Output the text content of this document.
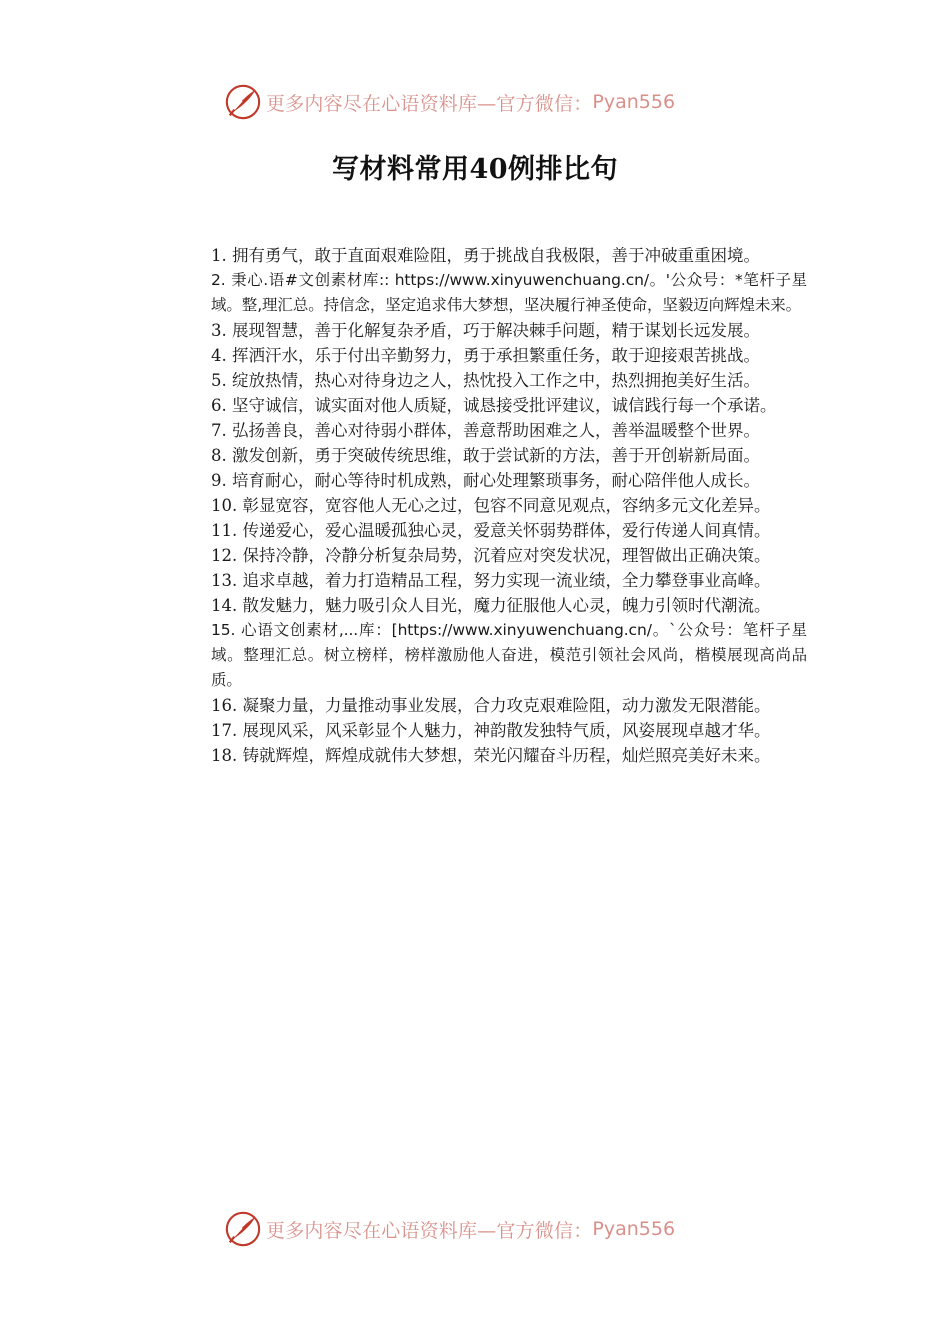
更多内容尽在心语资料库—官方微信： Pyan556
写材料常用40例排比句
1. 拥有勇气，敢于直面艰难险阻，勇于挑战自我极限，善于冲破重重困境。
2. 秉心.语#文创素材库:: https://www.xinyuwenchuang.cn/。'公众号：*笔杆子星域。整,理汇总。持信念，坚定追求伟大梦想，坚决履行神圣使命，坚毅迈向辉煌未来。
3. 展现智慧，善于化解复杂矛盾，巧于解决棘手问题，精于谋划长远发展。
4. 挥洒汗水，乐于付出辛勤努力，勇于承担繁重任务，敢于迎接艰苦挑战。
5. 绽放热情，热心对待身边之人，热忱投入工作之中，热烈拥抱美好生活。
6. 坚守诚信，诚实面对他人质疑，诚恳接受批评建议，诚信践行每一个承诺。
7. 弘扬善良，善心对待弱小群体，善意帮助困难之人，善举温暖整个世界。
8. 激发创新，勇于突破传统思维，敢于尝试新的方法，善于开创崭新局面。
9. 培育耐心，耐心等待时机成熟，耐心处理繁琐事务，耐心陪伴他人成长。
10. 彰显宽容，宽容他人无心之过，包容不同意见观点，容纳多元文化差异。
11. 传递爱心，爱心温暖孤独心灵，爱意关怀弱势群体，爱行传递人间真情。
12. 保持冷静，冷静分析复杂局势，沉着应对突发状况，理智做出正确决策。
13. 追求卓越，着力打造精品工程，努力实现一流业绩，全力攀登事业高峰。
14. 散发魅力，魅力吸引众人目光，魔力征服他人心灵，魄力引领时代潮流。
15. 心语文创素材,...库：[https://www.xinyuwenchuang.cn/。`公众号：笔杆子星域。整理汇总。树立榜样，榜样激励他人奋进，模范引领社会风尚，楷模展现高尚品质。
16. 凝聚力量，力量推动事业发展，合力攻克艰难险阻，动力激发无限潜能。
17. 展现风采，风采彰显个人魅力，神韵散发独特气质，风姿展现卓越才华。
18. 铸就辉煌，辉煌成就伟大梦想，荣光闪耀奋斗历程，灿烂照亮美好未来。
更多内容尽在心语资料库—官方微信： Pyan556
